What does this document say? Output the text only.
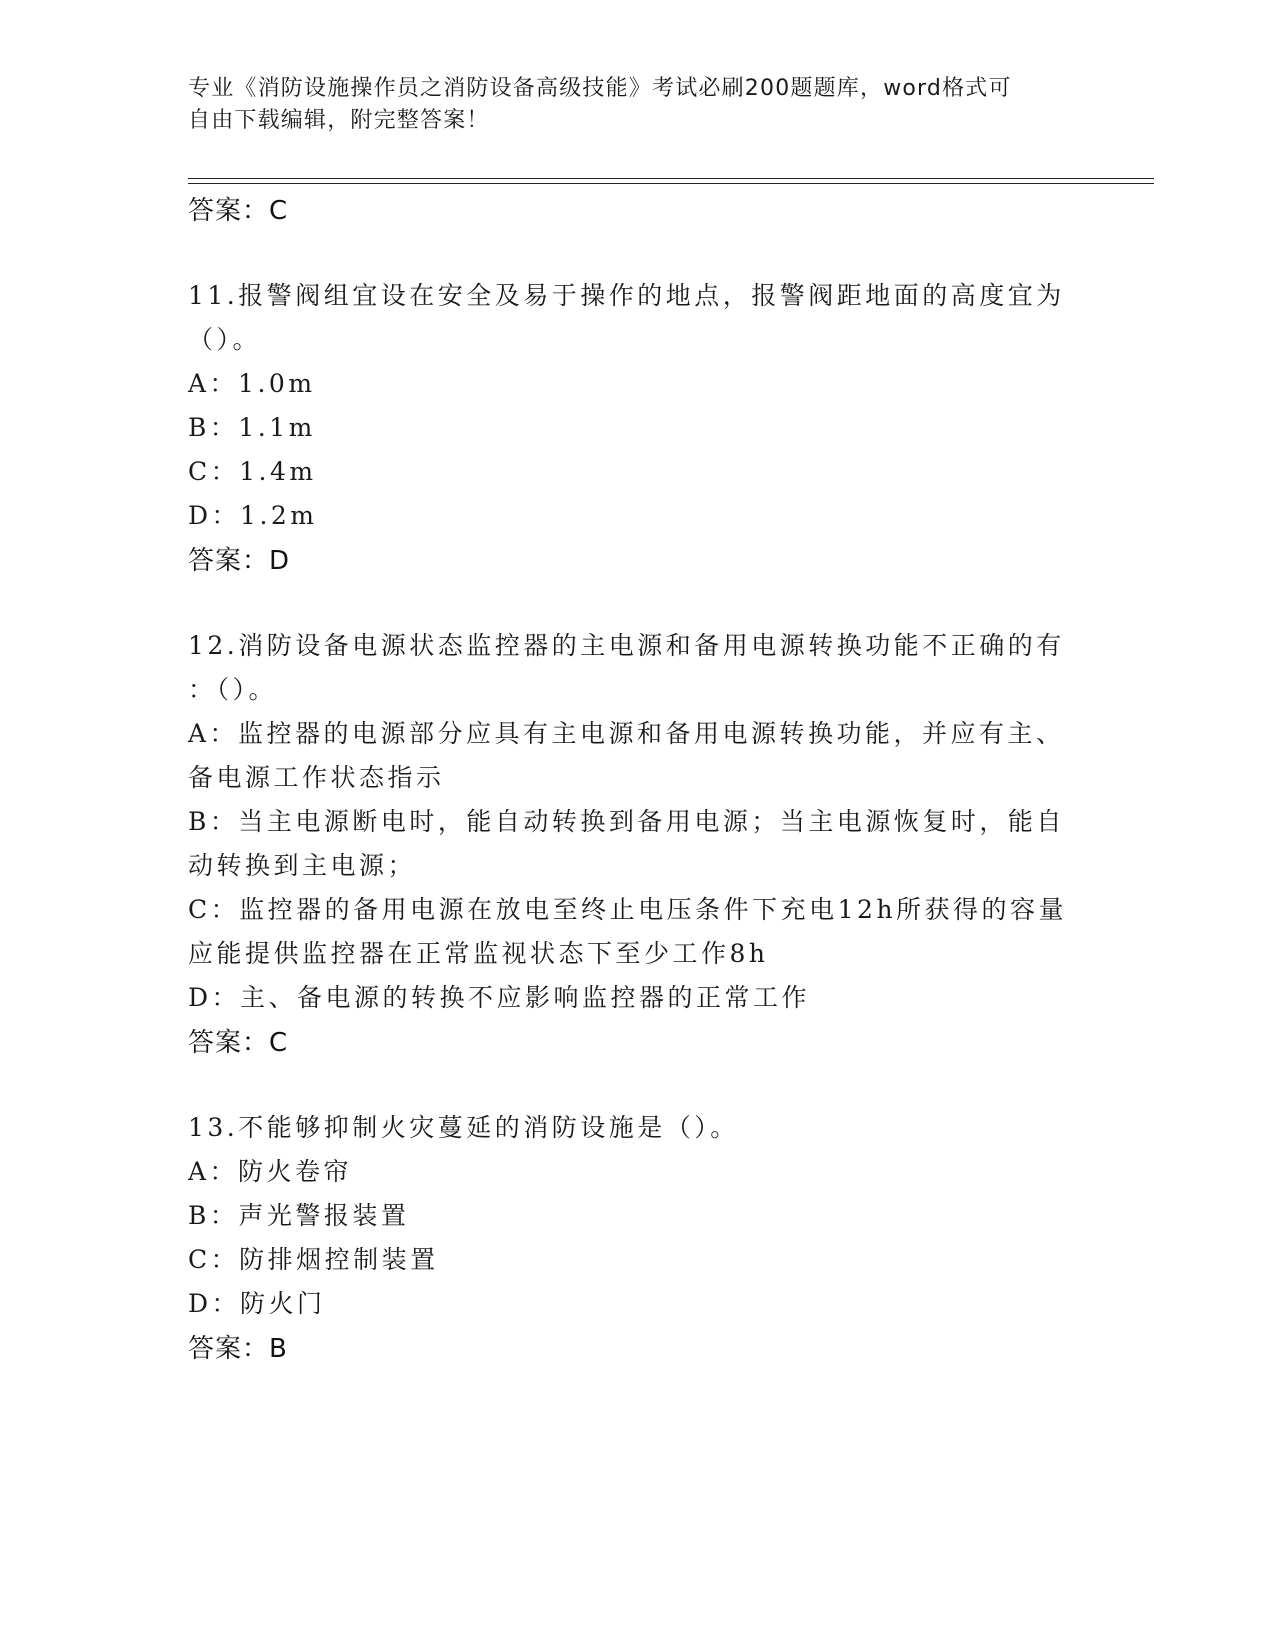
专业《消防设施操作员之消防设备高级技能》考试必刷200题题库，word格式可
自由下载编辑，附完整答案！
答案：C
11.报警阀组宜设在安全及易于操作的地点，报警阀距地面的高度宜为
（）。
A：1.0m
B：1.1m
C：1.4m
D：1.2m
答案：D
12.消防设备电源状态监控器的主电源和备用电源转换功能不正确的有
：（）。
A：监控器的电源部分应具有主电源和备用电源转换功能，并应有主、
备电源工作状态指示
B：当主电源断电时，能自动转换到备用电源；当主电源恢复时，能自
动转换到主电源；
C：监控器的备用电源在放电至终止电压条件下充电12h所获得的容量
应能提供监控器在正常监视状态下至少工作8h
D：主、备电源的转换不应影响监控器的正常工作
答案：C
13.不能够抑制火灾蔓延的消防设施是（）。
A：防火卷帘
B：声光警报装置
C：防排烟控制装置
D：防火门
答案：B
